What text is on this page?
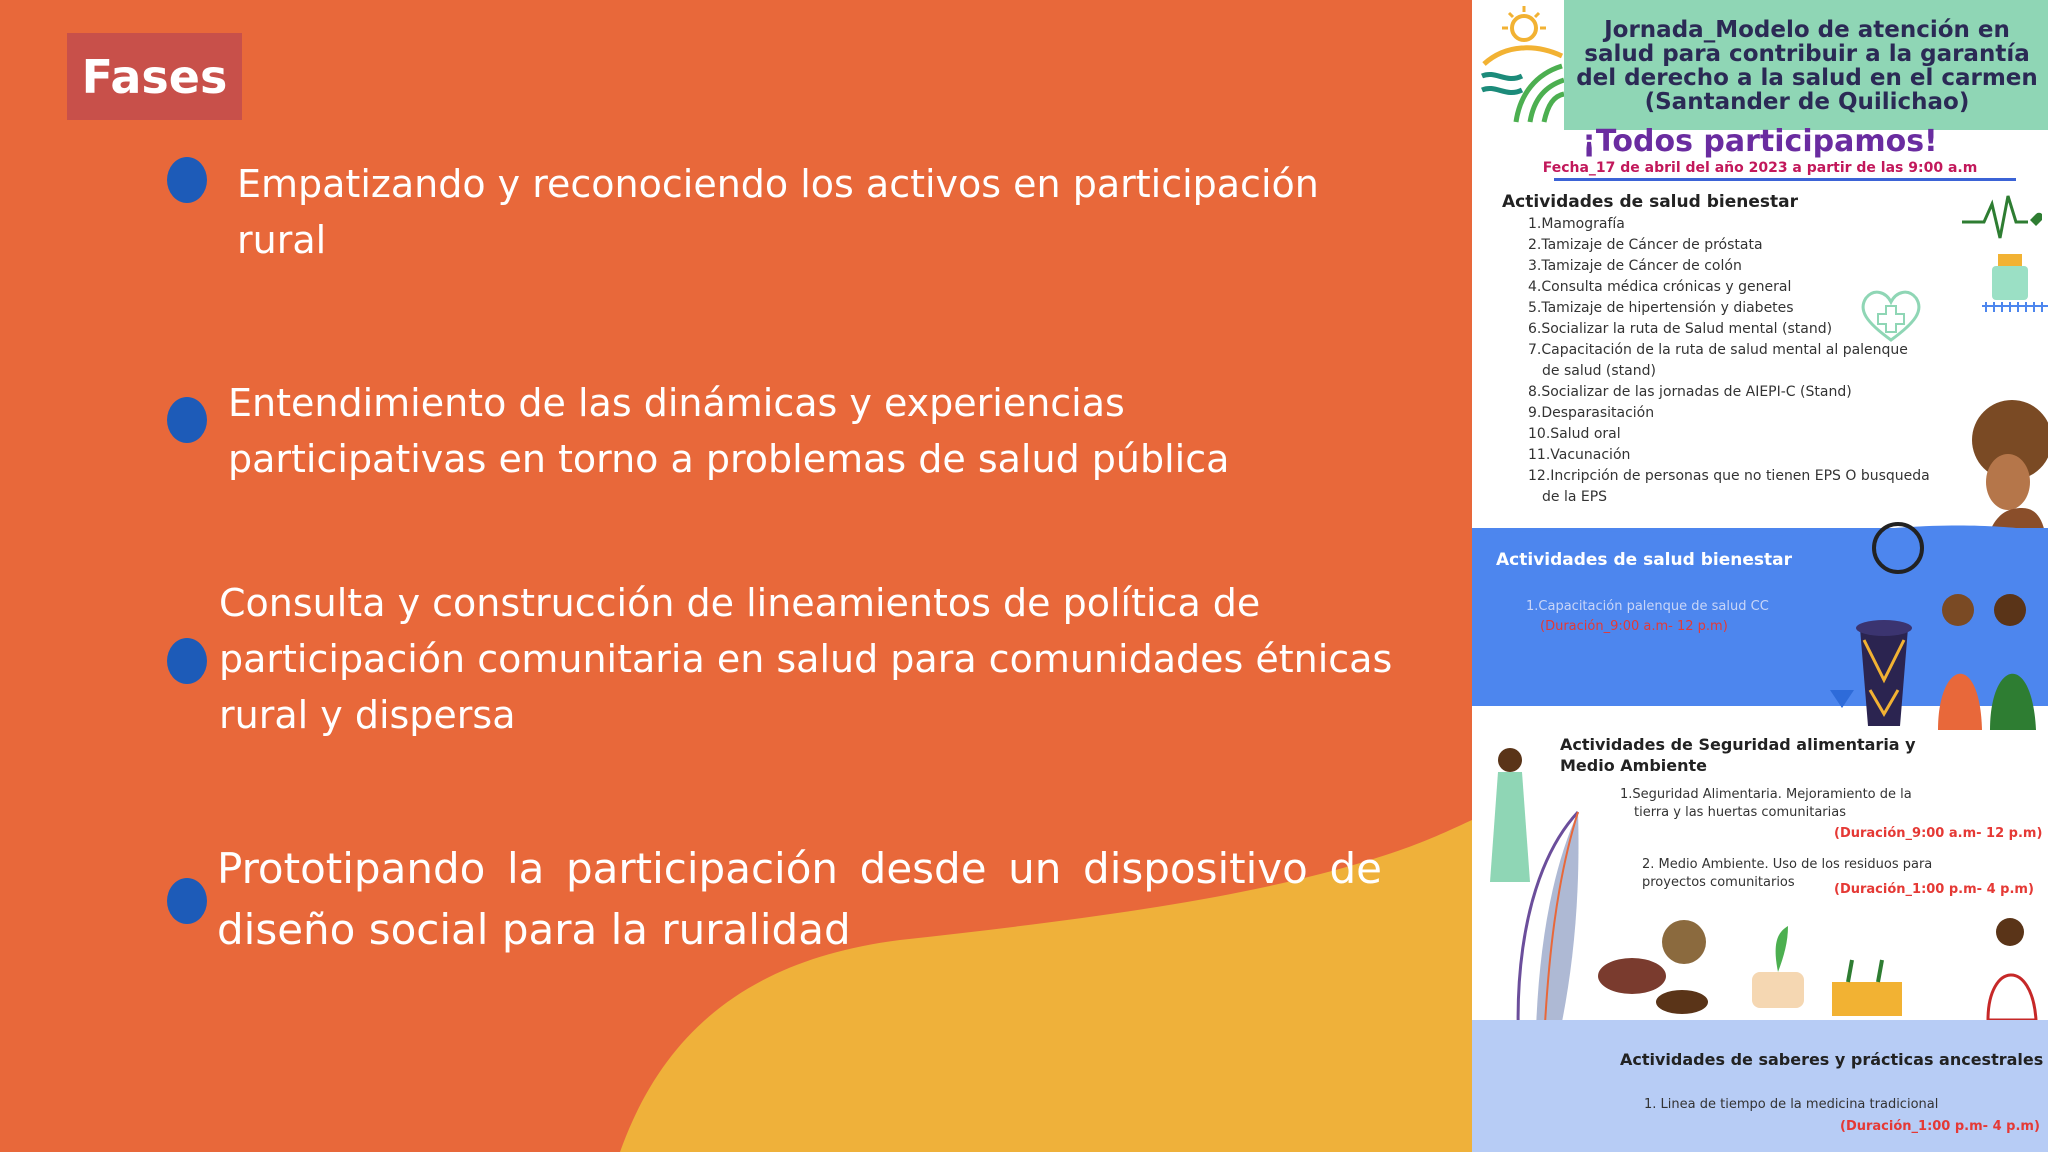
Fases
Empatizando y reconociendo los activos en participación rural
Entendimiento de las dinámicas y experiencias participativas en torno a problemas de salud pública
Consulta y construcción de lineamientos de política de participación comunitaria en salud para comunidades étnicas rural y dispersa
Prototipando la participación desde un dispositivo de diseño social para la ruralidad
Jornada_Modelo de atención en salud para contribuir a la garantía del derecho a la salud en el carmen (Santander de Quilichao)
¡Todos participamos!
Fecha_17 de abril del año 2023 a partir de las 9:00 a.m
Actividades de salud bienestar
1.Mamografía
2.Tamizaje de Cáncer de próstata
3.Tamizaje de Cáncer de colón
4.Consulta médica crónicas y general
5.Tamizaje de hipertensión y diabetes
6.Socializar la ruta de Salud mental (stand)
7.Capacitación de la ruta de salud mental al palenque
de salud (stand)
8.Socializar de las jornadas de AIEPI-C (Stand)
9.Desparasitación
10.Salud oral
11.Vacunación
12.Incripción de personas que no tienen EPS O busqueda
de la EPS
Actividades de salud bienestar
1.Capacitación palenque de salud CC
(Duración_9:00 a.m- 12 p.m)
Actividades de Seguridad alimentaria y
Medio Ambiente
1.Seguridad Alimentaria. Mejoramiento de la
tierra y las huertas comunitarias
(Duración_9:00 a.m- 12 p.m)
2. Medio Ambiente. Uso de los residuos para
proyectos comunitarios	(Duración_1:00 p.m- 4 p.m)
Actividades de saberes y prácticas ancestrales
1. Linea de tiempo de la medicina tradicional
(Duración_1:00 p.m- 4 p.m)
